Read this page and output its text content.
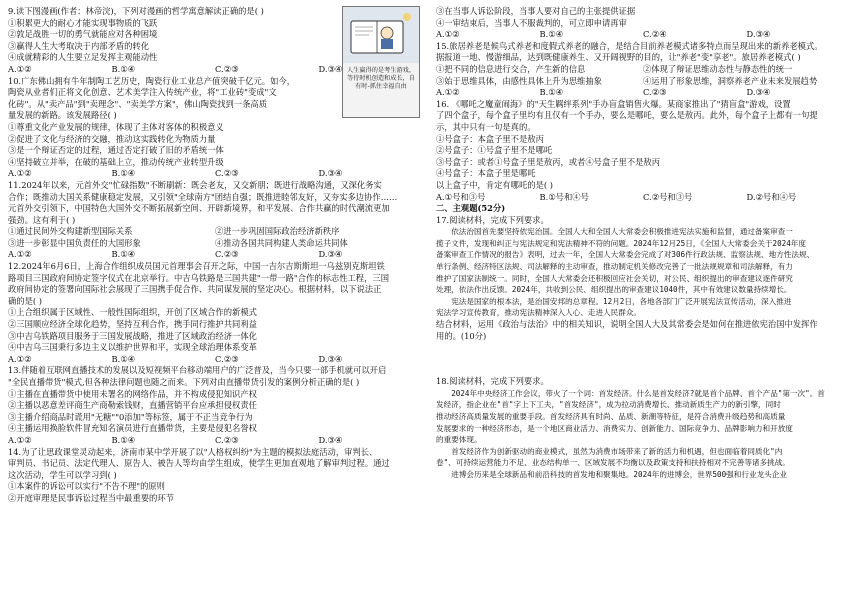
9.读下图漫画(作者：林帝浣)，下列对漫画的哲学寓意解读正确的是( )
①积累更大的耐心才能实现事物质的飞跃
②敦足战胜一切的勇气就能应对各种困境
③赢得人生大考取决于内部矛盾的转化
④成就精彩的人生要立足发挥主观能动性
A.①②	B.①④	C.②③	D.③④ 人生赢得的是考生游戏，等待时机创造和成长，自有时-抓住幸福自由
10.广东佛山拥有牛年制陶工艺历史，陶瓷行业工业总产值突破千亿元。如今，
陶瓷从业者们正将文化创意、艺术美学注入传统产业，将"工业砖"变成"文
化砖"。从"卖产品"到"卖理念"、"卖美学方案"，佛山陶瓷找到一条高质
量发展的新路。该发展路径( )
①尊重文化产业发展的规律，体现了主体对客体的积极意义
②促进了文化与经济的交融，推动这实践转化为物质力量
③是一个辩证否定的过程，通过否定打破了旧的矛盾统一体
④坚持破立并举，在破的基础上立，推动传统产业转型升级
A.①②	B.①④	C.②③	D.③④
11.2024年以来，元首外交"忙碌指数"不断刷新：既会老友，又交新朋；既进行战略沟通，又深化务实
合作；既推动大国关系健康稳定发展，又引领"全球南方"团结自强；既推进睦邻友好，又夯实多边协作……
元首外交引领下，中国特色大国外交不断拓展新空间、开辟新境界，和平发展、合作共赢的时代潮流更加
强劲。这有利于( )
①通过民间外交构建新型国际关系	②进一步巩固国际政治经济新秩序
③进一步彰显中国负责任的大国形象	④推动各国共同构建人类命运共同体
A.①②	B.①④	C.②③	D.③④
12.2024年6月6日，上海合作组织成员国元首理事会召开之际，中国一吉尔吉斯斯坦一乌兹别克斯坦铁
路项目三国政府间协定签字仪式在北京举行。中吉乌铁路是三国共建"一带一路"合作的标志性工程，三国
政府间协定的签署向国际社会展现了三国携手促合作、共同谋发展的坚定决心。根据材料，以下说法正
确的是( )
①上合组织属于区域性、一般性国际组织，开创了区域合作的新模式
②三国顺应经济全球化趋势，坚持互利合作，携手同行推护共同利益
③中吉乌铁路项目服务于三国发展战略，推进了区域政治经济一体化
④中吉乌三国秉行多边主义以维护世界和平，实现全球治理体系变革
A.①②	B.①④	C.②③	D.③④
13.伴随着互联网直播技术的发展以及短视频平台移动端用户的广泛普及，当今只要一部手机就可以开启
"全民直播带货"模式,但各种法律问题也随之而来。下列对由直播带货引发的案例分析正确的是( )
①主播在直播带货中使用未署名的网络作品，并不构成侵犯知识产权
②主播以恶意差评商生产商勒索钱财，直播营销平台应承担侵权责任
③主播介绍商品时谎用"无糖""0添加"等标签，属于不正当竞争行为
④主播运用换脸软件冒充知名演员进行直播带货，主要是侵犯名誉权
A.①②	B.①④	C.②③	D.③④
14.为了让思政课堂灵动起来，济南市某中学开展了以"人格权纠纷"为主题的模拟法庭活动，审判长、
审判员、书记员、法定代理人、原告人、被告人等均由学生组成，使学生更加直观地了解审判过程。通过
这次活动，学生可以学习到( )
①本案件的诉讼可以实行"不告不理"的原则
②开庭审理是民事诉讼过程当中最重要的环节
③在当事人诉讼阶段，当事人要对自己的主张提供证据
④一审结束后，当事人不服裁判的，可立即申请再审
A.①②	B.①④	C.②④	D.③④
15.旅居养老是候鸟式养老和度假式养老的融合，是结合目前养老模式诸多特点而呈现出来的新养老模式。
据报道一地、慢游细品，达到既健康养生、又开阔视野的目的，让"养老"变"享老"。旅居养老模式( )
①把不同的信息进行交合，产生新的信息	②体现了辩证思维动态性与静态性的统一
③始于思维具体，由感性具体上升为思维抽象	④运用了形象思维，洞察养老产业未来发展趋势
A.①②	B.①④	C.②③	D.③④
16. 《哪吒之魔童闹海》的"天生羁绊系列"手办盲盒销售火爆。某商家推出了"猜盲盒"游戏，设置
了四个盒子，每个盒子里均有且仅有一个手办，要么是哪吒，要么是敖丙。此外，每个盒子上都有一句提
示，其中只有一句是真的。
①号盒子：本盒子里不是敖丙
②号盒子：①号盒子里不是哪吒
③号盒子：或者①号盒子里是敖丙，或者④号盒子里不是敖丙
④号盒子：本盒子里是哪吒
以上盒子中，肯定有哪吒的是( )
A.①号和③号	B.①号和④号	C.②号和③号	D.②号和④号
二、主观题(52分)
17.阅读材料，完成下列要求。
依法治国首先要坚持依宪治国。全国人大和全国人大常委会积极推进宪法实施和监督，通过备案审查一
揽子文件，发现和纠正与宪法规定和宪法精神不符的问题。2024年12月25日，《全国人大常委会关于2024年度
备案审查工作情况的报告》表明，过去一年，全国人大常委会完成了对306件行政法规、监察法规、地方性法规、
单行条例、经济特区法规、司法解释的主动审查，推动制定机关修改完善了一批法规规章和司法解释，有力
维护了国家法制统一。同时，全国人大常委会还积极回应社会关切，对公民、组织提出的审查建议逐件研究
处理，依法作出反馈。2024年，共收到公民、组织提出的审查建议1040件，其中有效建议数量持续增长。
宪法是国家的根本法，是治国安邦的总章程。12月2日，各地各部门广泛开展宪法宣传活动，深入推进
宪法学习宣传教育，推动宪法精神深入人心、走进人民群众。
结合材料，运用《政治与法治》中的相关知识，说明全国人大及其常委会是如何在推进依宪治国中发挥作
用的。(10分)
18.阅读材料，完成下列要求。
2024年中央经济工作会议，带火了一个词：首发经济。什么是首发经济?就是首个品牌、首个产品"第一次"。首
发经济，指企业在"首"字上下工夫，"首发经济"，成为拉动消费增长、推动新质生产力的新引擎，同时
推动经济高质量发展的重要手段。首发经济具有时尚、品质、新潮等特征，是符合消费升级趋势和高质量
发展要求的一种经济形态，是一个地区商业活力、消费实力、创新能力、国际竞争力、品牌影响力和开放度
的重要体现。
首发经济作为创新驱动的商业模式，虽然为消费市场带来了新的活力和机遇，但也面临着同质化"内
卷"、可持续运营能力不足、业态结构单一、区域发展不均衡以及政策支持和扶持相对不完善等诸多挑战。
进博会历来是全球新品和前沿科技的首发地和聚集地。2024年的进博会，世界500强和行业龙头企业
